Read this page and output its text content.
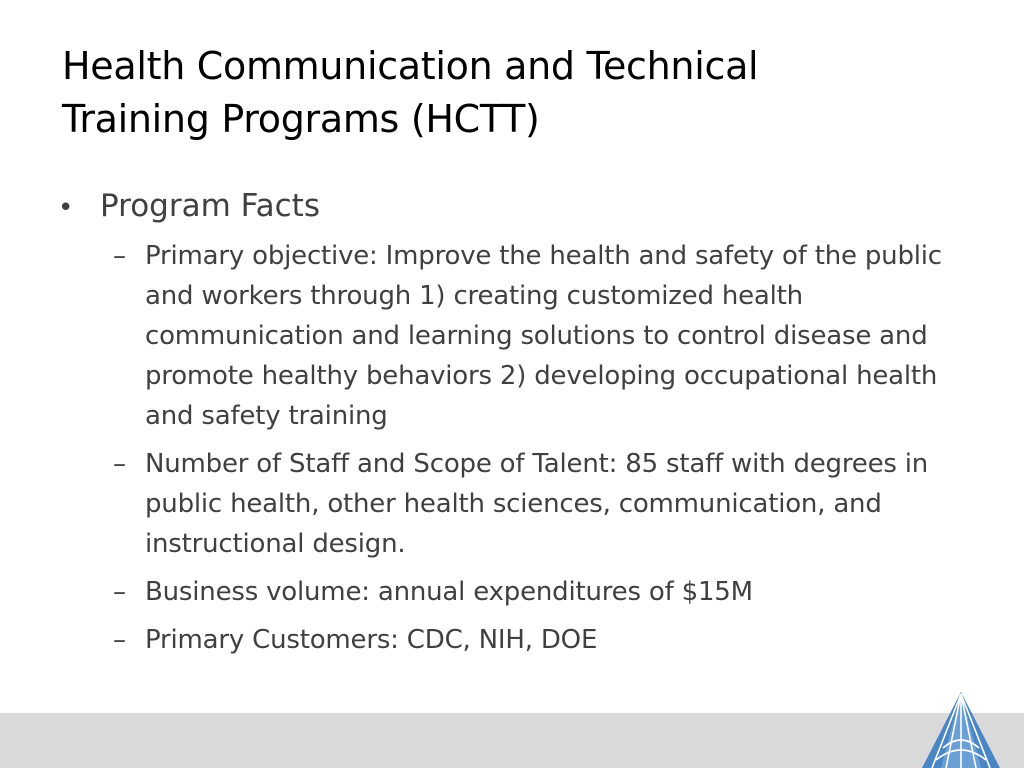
Health Communication and Technical
Training Programs (HCTT)
• Program Facts
– Primary objective: Improve the health and safety of the public and workers through 1) creating customized health communication and learning solutions to control disease and promote healthy behaviors 2) developing occupational health and safety training
– Number of Staff and Scope of Talent: 85 staff with degrees in public health, other health sciences, communication, and instructional design.
– Business volume: annual expenditures of $15M
– Primary Customers: CDC, NIH, DOE
